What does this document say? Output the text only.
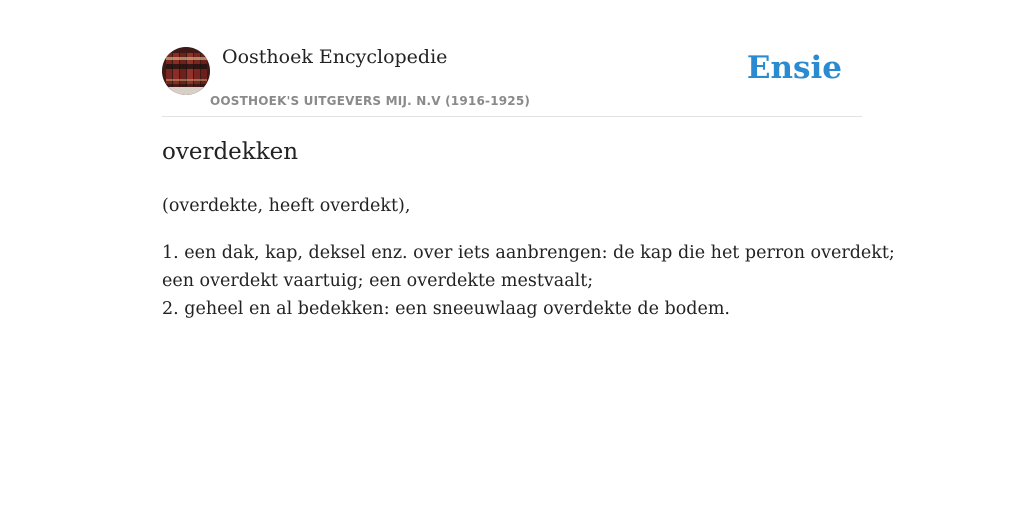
Oosthoek Encyclopedie
OOSTHOEK'S UITGEVERS MIJ. N.V (1916-1925)
Ensie
overdekken
(overdekte, heeft overdekt),
1. een dak, kap, deksel enz. over iets aanbrengen: de kap die het perron overdekt;
een overdekt vaartuig; een overdekte mestvaalt;
2. geheel en al bedekken: een sneeuwlaag overdekte de bodem.
